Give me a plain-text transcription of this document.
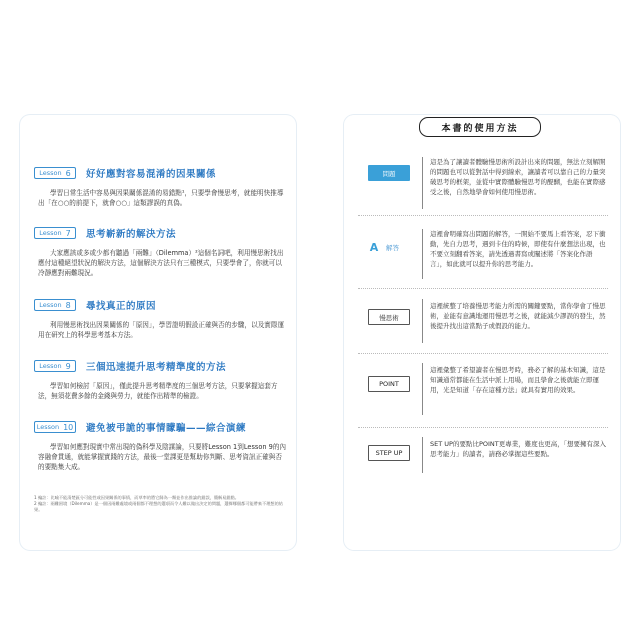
Lesson 6 好好應對容易混淆的因果關係
學習日常生活中容易與因果關係混淆的易錯點¹，只要學會慢思考，就能明快推導出「在○○的前提下，就會○○」這類謬誤的真偽。
Lesson 7 思考嶄新的解決方法
大家應該或多或少都有聽過「兩難」（Dilemma）²這個名詞吧，利用慢思術找出應付這種絕望狀況的解決方法，這個解決方法只有三種模式，只要學會了，你就可以冷靜應對兩難現況。
Lesson 8 尋找真正的原因
利用慢思術找出因果關係的「原因」，學習證明假設正確與否的步驟，以及實際運用在研究上的科學思考基本方法。
Lesson 9 三個迅速提升思考精準度的方法
學習如何檢討「原因」，僅此提升思考精準度的三個思考方法，只要掌握這套方法，無須花費多餘的金錢與勞力，就能作出精準的檢證。
Lesson 10 避免被弔詭的事情矇騙——綜合演練
學習如何應對現實中常出現的偽科學及陰謀論，只要將Lesson 1到Lesson 9的內容融會貫通，就能掌握實踐的方法，最後一堂課更是幫助你判斷、思考資訊正確與否的要點集大成。
1 編註：比喻不能清楚區分可能性或因果關係的事情，而草率的將它歸為一類並作出推論的錯誤，簡稱易錯點。
2 編註：兩難困境（Dilemma）是一個因兩難處境或兩個都不理想的選項而令人難以做出決定的問題，選擇哪個都可能帶來不理想的結果。
本書的使用方法
問題
這是為了讓讀者體驗慢思術所設計出來的問題，無法立刻解開的問題也可以從對話中得到線索，讓讀者可以靠自己的力量突破思考的框架，並從中實際體驗慢思考的醍醐，也能在實際感受之後，自然地學會如何使用慢思術。
A 解答
這裡會明確寫出問題的解答，一開始不要馬上看答案，忍下衝動，先自力思考，遇到卡住的時候，即使有什麼想法出現，也不要立刻翻看答案，請先透過書寫或闡述將「答案化作語言」，如此就可以提升你的思考能力。
慢思術
這裡統整了培養慢思考能力所需的關鍵要點，當你學會了慢思術，並能有意識地運用慢思考之後，就能減少謬誤的發生，然後提升找出這當點子或假設的能力。
POINT
這裡彙整了希望讀者在慢思考時，務必了解的基本知識，這是知識通常都能在生活中派上用場，而且學會之後就能立即運用，光是知道「存在這種方法」就具有實用的效果。
STEP UP
SET UP的要點比POINT更專業，難度也更高，「想要擁有深入思考能力」的讀者，請務必掌握這些要點。
